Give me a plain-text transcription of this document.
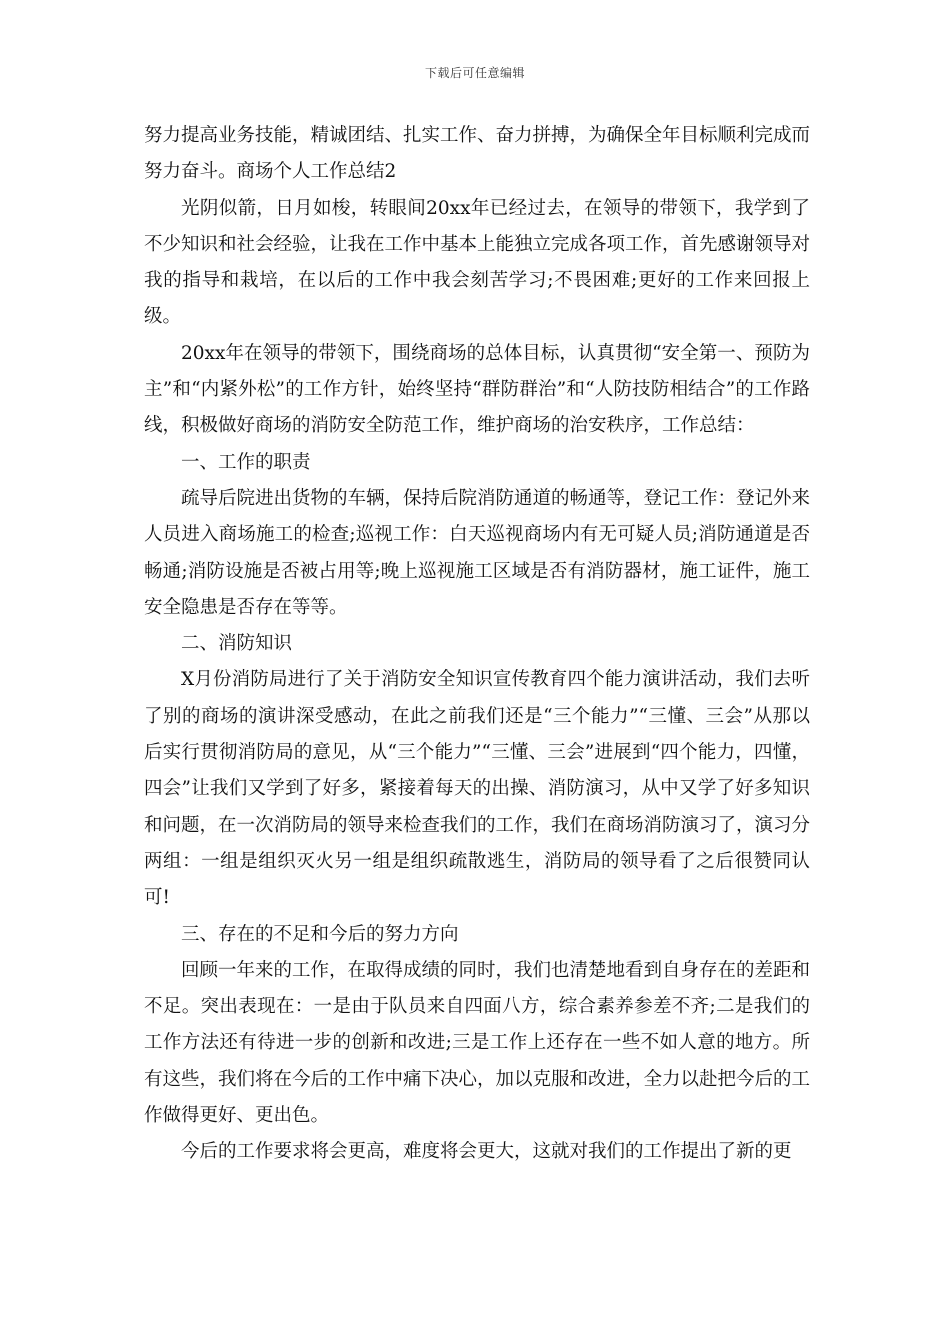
下载后可任意编辑

努力提高业务技能，精诚团结、扎实工作、奋力拼搏，为确保全年目标顺利完成而努力奋斗。商场个人工作总结2

光阴似箭，日月如梭，转眼间20xx年已经过去，在领导的带领下，我学到了不少知识和社会经验，让我在工作中基本上能独立完成各项工作，首先感谢领导对我的指导和栽培，在以后的工作中我会刻苦学习;不畏困难;更好的工作来回报上级。

20xx年在领导的带领下，围绕商场的总体目标，认真贯彻“安全第一、预防为主”和“内紧外松”的工作方针，始终坚持“群防群治”和“人防技防相结合”的工作路线，积极做好商场的消防安全防范工作，维护商场的治安秩序，工作总结：

一、工作的职责

疏导后院进出货物的车辆，保持后院消防通道的畅通等，登记工作：登记外来人员进入商场施工的检查;巡视工作：白天巡视商场内有无可疑人员;消防通道是否畅通;消防设施是否被占用等;晚上巡视施工区域是否有消防器材，施工证件，施工安全隐患是否存在等等。

二、消防知识

X月份消防局进行了关于消防安全知识宣传教育四个能力演讲活动，我们去听了别的商场的演讲深受感动，在此之前我们还是“三个能力”“三懂、三会”从那以后实行贯彻消防局的意见，从“三个能力”“三懂、三会”进展到“四个能力，四懂，四会”让我们又学到了好多，紧接着每天的出操、消防演习，从中又学了好多知识和问题，在一次消防局的领导来检查我们的工作，我们在商场消防演习了，演习分两组：一组是组织灭火另一组是组织疏散逃生，消防局的领导看了之后很赞同认可!

三、存在的不足和今后的努力方向

回顾一年来的工作，在取得成绩的同时，我们也清楚地看到自身存在的差距和不足。突出表现在：一是由于队员来自四面八方，综合素养参差不齐;二是我们的工作方法还有待进一步的创新和改进;三是工作上还存在一些不如人意的地方。所有这些，我们将在今后的工作中痛下决心，加以克服和改进，全力以赴把今后的工作做得更好、更出色。

今后的工作要求将会更高，难度将会更大，这就对我们的工作提出了新的更
